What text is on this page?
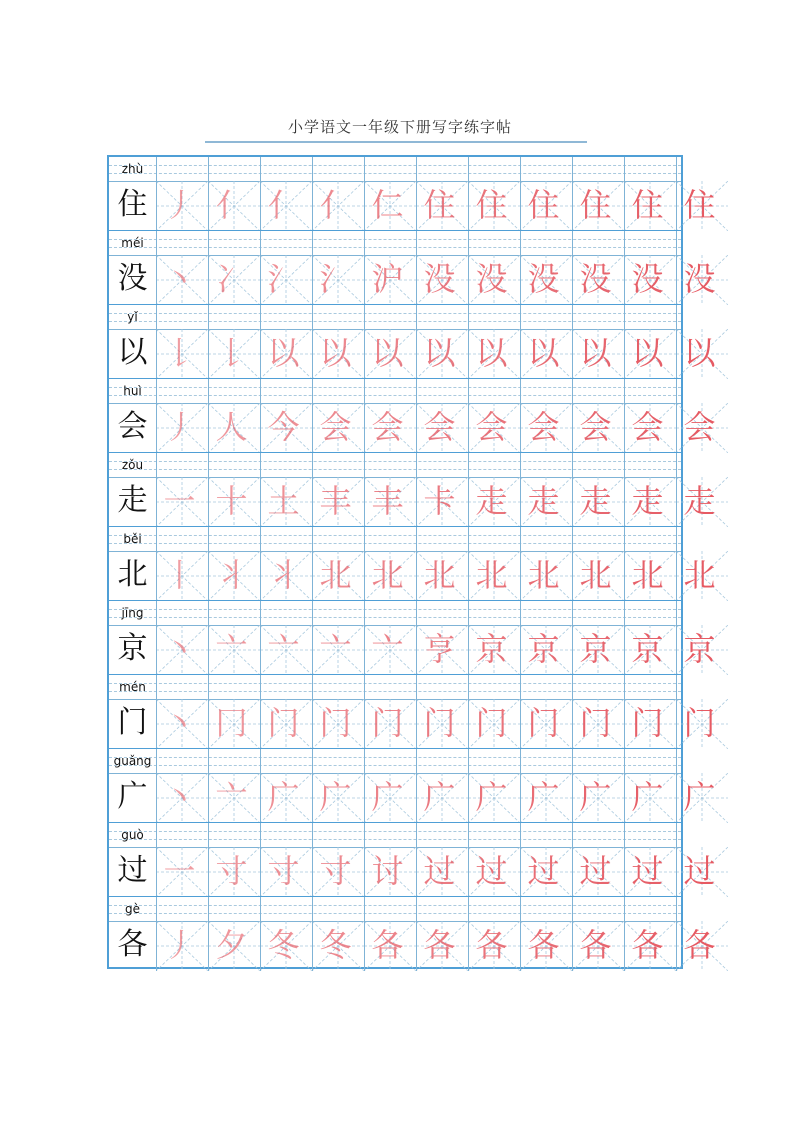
小学语文一年级下册写字练字帖
zhù
住 丿 亻 亻 亻 仁 住 住 住 住 住 住
méi
没 丶 冫 氵 氵 沪 没 没 没 没 没 没
yǐ
以 𠄌 𠄌 以 以 以 以 以 以 以 以 以
huì
会 丿 人 今 会 会 会 会 会 会 会 会
zǒu
走 一 十 土 丰 丰 卡 走 走 走 走 走
běi
北 丨 丬 丬 北 北 北 北 北 北 北 北
jīng
京 丶 亠 亠 亠 亠 亨 京 京 京 京 京
mén
门 丶 冂 门 门 门 门 门 门 门 门 门
guǎng
广 丶 亠 广 广 广 广 广 广 广 广 广
guò
过 一 寸 寸 寸 讨 过 过 过 过 过 过
gè
各 丿 夕 冬 冬 各 各 各 各 各 各 各
